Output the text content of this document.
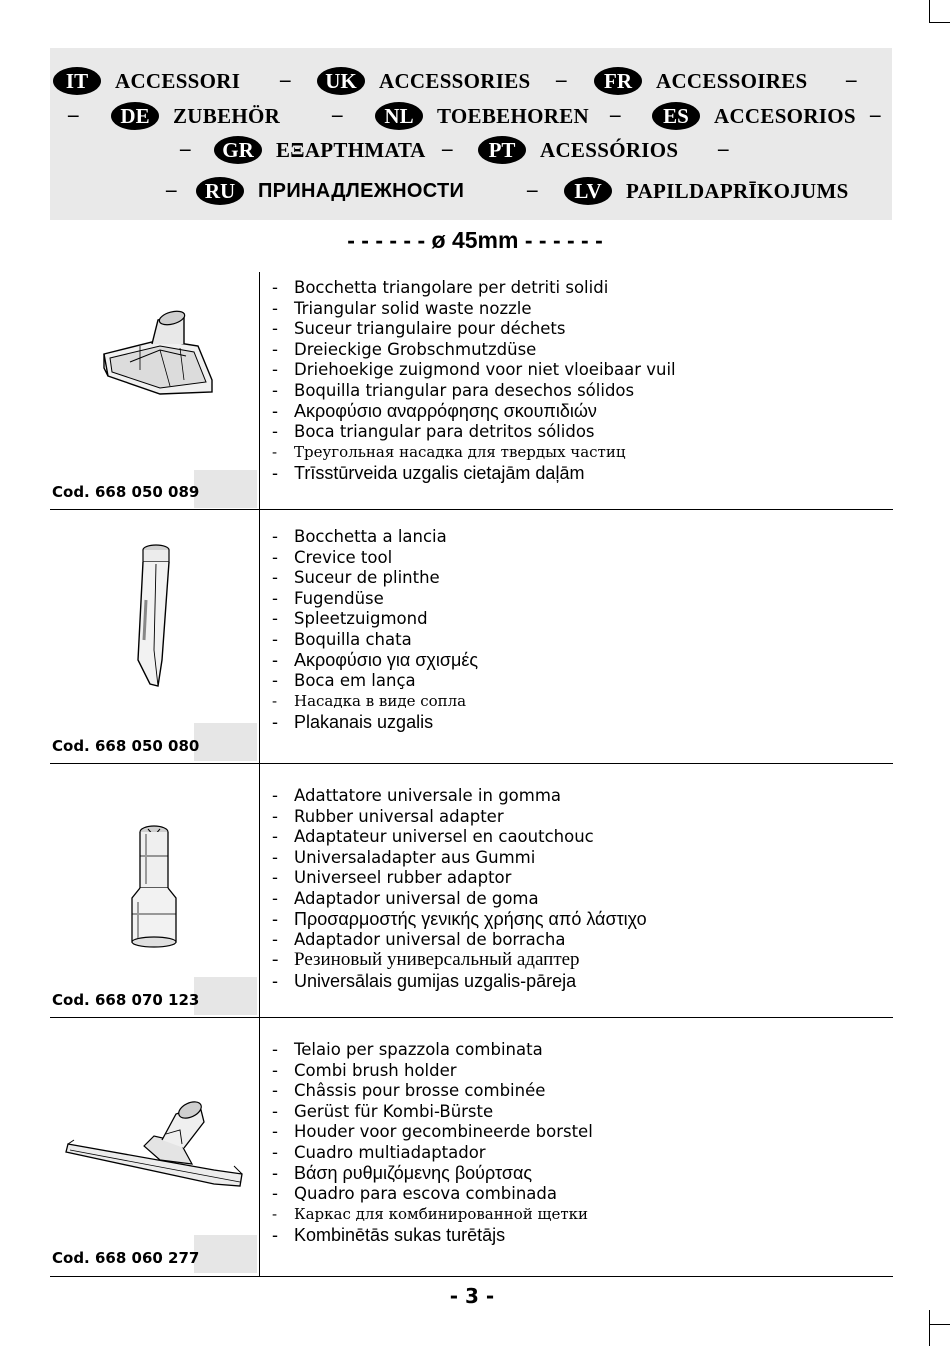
IT	ACCESSORI –	UK	ACCESSORIES –	FR	ACCESSOIRES –
–	DE	ZUBEHÖR –	NL	TOEBEHOREN –	ES	ACCESORIOS –
–	GR	ΕΞΑΡΤΗΜΑΤΑ –	PT	ACESSÓRIOS –
–	RU	ПРИНАДЛЕЖНОСТИ	–	LV	PAPILDAPRĪKOJUMS
- - - - - - ø 45mm - - - - - -
Cod. 668 050 089
- Bocchetta triangolare per detriti solidi
- Triangular solid waste nozzle
- Suceur triangulaire pour déchets
- Dreieckige Grobschmutzdüse
- Driehoekige zuigmond voor niet vloeibaar vuil
- Boquilla triangular para desechos sólidos
- Ακροφύσιο αναρρόφησης σκουπιδιών
- Boca triangular para detritos sólidos
- Треугольная насадка для твердых частиц
- Trīsstūrveida uzgalis cietajām daļām
Cod. 668 050 080
- Bocchetta a lancia
- Crevice tool
- Suceur de plinthe
- Fugendüse
- Spleetzuigmond
- Boquilla chata
- Ακροφύσιο για σχισμές
- Boca em lança
- Насадка в виде сопла
- Plakanais uzgalis
Cod. 668 070 123
- Adattatore universale in gomma
- Rubber universal adapter
- Adaptateur universel en caoutchouc
- Universaladapter aus Gummi
- Universeel rubber adaptor
- Adaptador universal de goma
- Προσαρμοστής γενικής χρήσης από λάστιχο
- Adaptador universal de borracha
- Резиновый универсальный адаптер
- Universālais gumijas uzgalis-pāreja
Cod. 668 060 277
- Telaio per spazzola combinata
- Combi brush holder
- Châssis pour brosse combinée
- Gerüst für Kombi-Bürste
- Houder voor gecombineerde borstel
- Cuadro multiadaptador
- Βάση ρυθμιζόμενης βούρτσας
- Quadro para escova combinada
- Каркас для комбинированной щетки
- Kombinētās sukas turētājs
- 3 -
